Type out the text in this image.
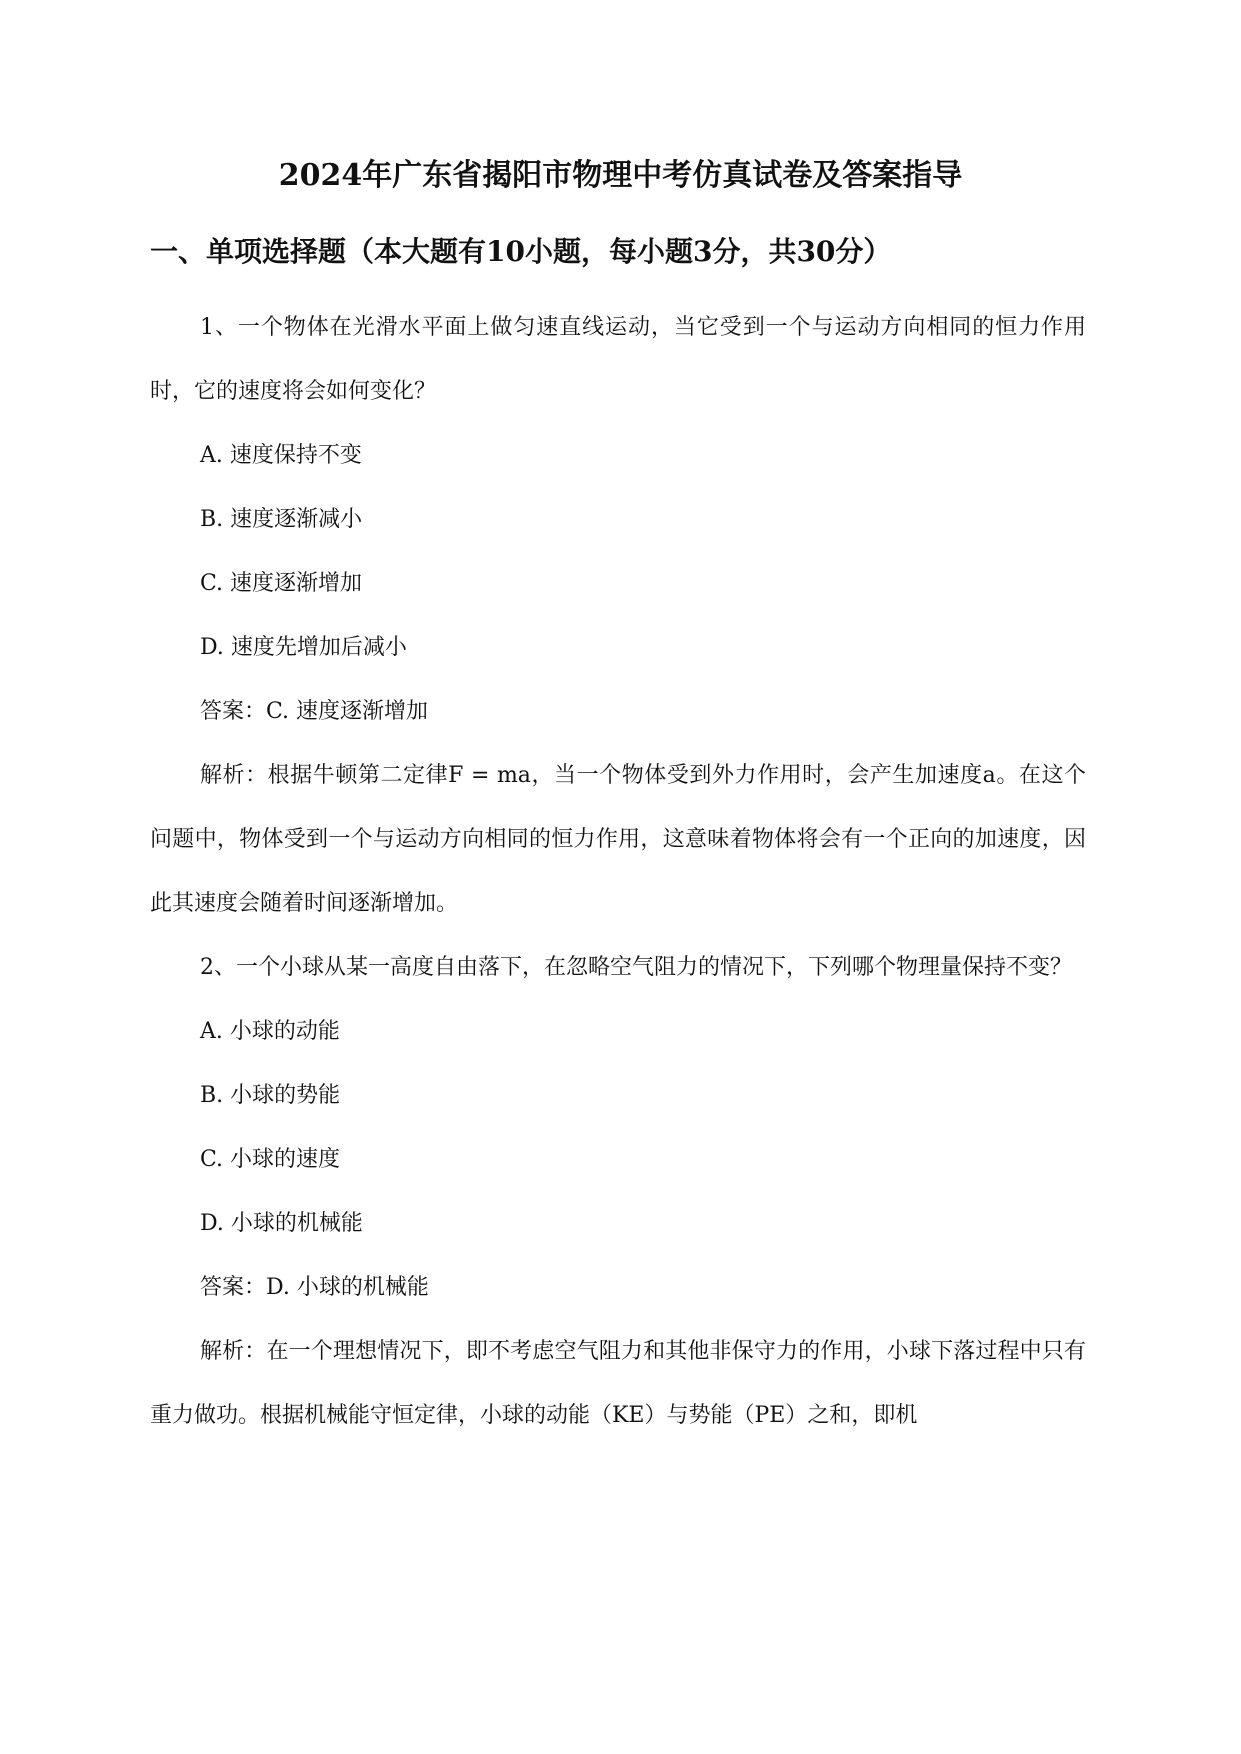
2024年广东省揭阳市物理中考仿真试卷及答案指导
一、单项选择题（本大题有10小题，每小题3分，共30分）

1、一个物体在光滑水平面上做匀速直线运动，当它受到一个与运动方向相同的恒力作用时，它的速度将会如何变化？

A. 速度保持不变

B. 速度逐渐减小

C. 速度逐渐增加

D. 速度先增加后减小

答案：C. 速度逐渐增加

解析：根据牛顿第二定律F = ma，当一个物体受到外力作用时，会产生加速度a。在这个问题中，物体受到一个与运动方向相同的恒力作用，这意味着物体将会有一个正向的加速度，因此其速度会随着时间逐渐增加。

2、一个小球从某一高度自由落下，在忽略空气阻力的情况下，下列哪个物理量保持不变？

A. 小球的动能

B. 小球的势能

C. 小球的速度

D. 小球的机械能

答案：D. 小球的机械能

解析：在一个理想情况下，即不考虑空气阻力和其他非保守力的作用，小球下落过程中只有重力做功。根据机械能守恒定律，小球的动能（KE）与势能（PE）之和，即机
